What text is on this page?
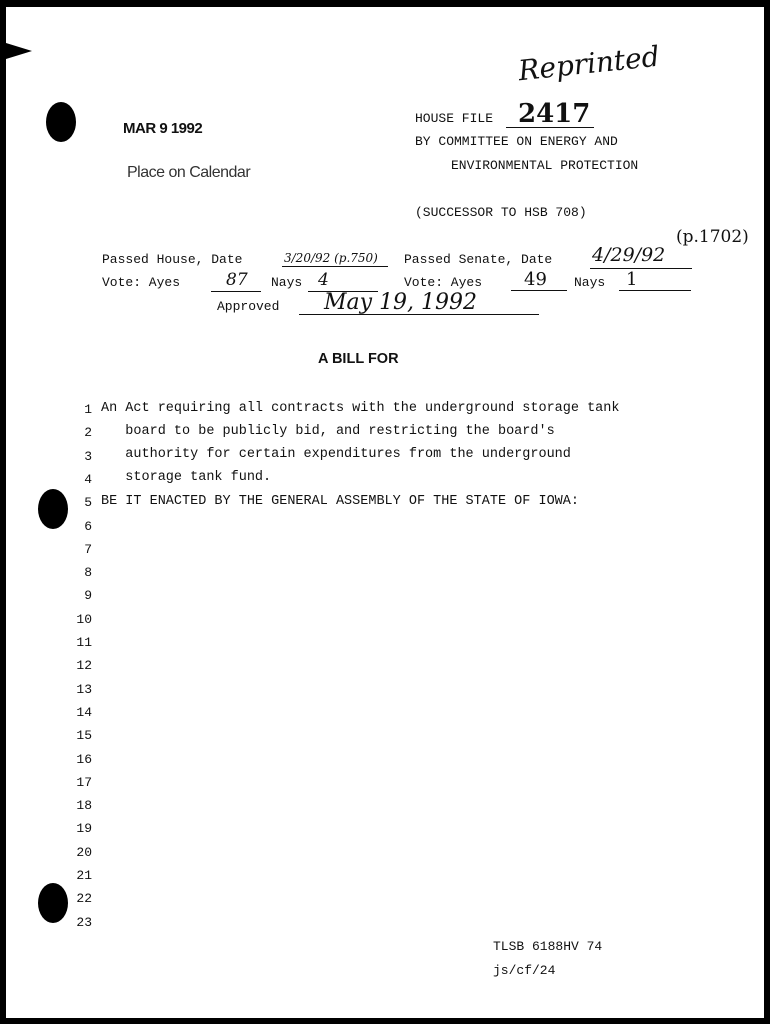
Reprinted
MAR 9 1992
Place on Calendar
HOUSE FILE 2417
BY COMMITTEE ON ENERGY AND
ENVIRONMENTAL PROTECTION
(SUCCESSOR TO HSB 708)
Passed House, Date	3/20/92 (p.750) Passed Senate, Date 4/29/92
(p.1702)
Vote: Ayes	87 Nays 4	Vote: Ayes 49 Nays 1
Approved May 19, 1992
A BILL FOR
An Act requiring all contracts with the underground storage tank
board to be publicly bid, and restricting the board's
authority for certain expenditures from the underground
storage tank fund.
BE IT ENACTED BY THE GENERAL ASSEMBLY OF THE STATE OF IOWA:
1
2
3
4
5
6
7
8
9
10
11
12
13
14
15
16
17
18
19
20
21
22
23
TLSB 6188HV 74
js/cf/24
